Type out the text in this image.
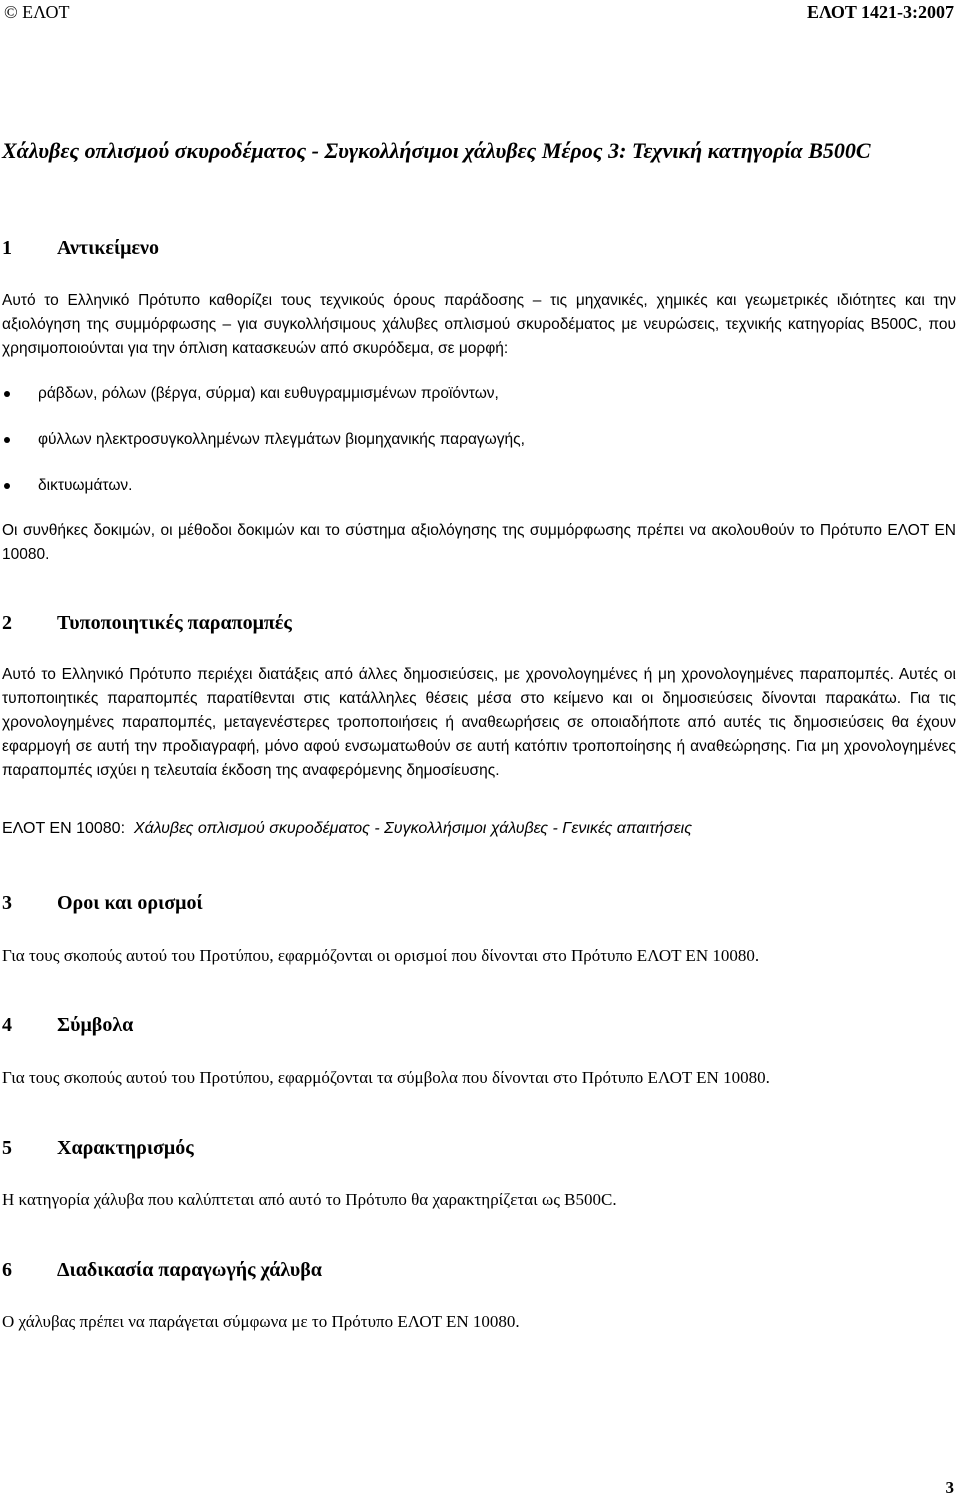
© ΕΛΟΤ	ΕΛΟΤ 1421-3:2007
Χάλυβες οπλισμού σκυροδέματος - Συγκολλήσιμοι χάλυβες Μέρος 3: Τεχνική κατηγορία B500C
1 Αντικείμενο
Αυτό το Ελληνικό Πρότυπο καθορίζει τους τεχνικούς όρους παράδοσης – τις μηχανικές, χημικές και γεωμετρικές ιδιότητες και την αξιολόγηση της συμμόρφωσης – για συγκολλήσιμους χάλυβες οπλισμού σκυροδέματος με νευρώσεις, τεχνικής κατηγορίας B500C, που χρησιμοποιούνται για την όπλιση κατασκευών από σκυρόδεμα, σε μορφή:
ράβδων, ρόλων (βέργα, σύρμα) και ευθυγραμμισμένων προϊόντων,
φύλλων ηλεκτροσυγκολλημένων πλεγμάτων βιομηχανικής παραγωγής,
δικτυωμάτων.
Οι συνθήκες δοκιμών, οι μέθοδοι δοκιμών και το σύστημα αξιολόγησης της συμμόρφωσης πρέπει να ακολουθούν το Πρότυπο ΕΛΟΤ EN 10080.
2 Τυποποιητικές παραπομπές
Αυτό το Ελληνικό Πρότυπο περιέχει διατάξεις από άλλες δημοσιεύσεις, με χρονολογημένες ή μη χρονολογημένες παραπομπές. Αυτές οι τυποποιητικές παραπομπές παρατίθενται στις κατάλληλες θέσεις μέσα στο κείμενο και οι δημοσιεύσεις δίνονται παρακάτω. Για τις χρονολογημένες παραπομπές, μεταγενέστερες τροποποιήσεις ή αναθεωρήσεις σε οποιαδήποτε από αυτές τις δημοσιεύσεις θα έχουν εφαρμογή σε αυτή την προδιαγραφή, μόνο αφού ενσωματωθούν σε αυτή κατόπιν τροποποίησης ή αναθεώρησης. Για μη χρονολογημένες παραπομπές ισχύει η τελευταία έκδοση της αναφερόμενης δημοσίευσης.
ΕΛΟΤ EN 10080: Χάλυβες οπλισμού σκυροδέματος - Συγκολλήσιμοι χάλυβες - Γενικές απαιτήσεις
3 Oροι και ορισμοί
Για τους σκοπούς αυτού του Προτύπου, εφαρμόζονται οι ορισμοί που δίνονται στο Πρότυπο ΕΛΟΤ EN 10080.
4 Σύμβολα
Για τους σκοπούς αυτού του Προτύπου, εφαρμόζονται τα σύμβολα που δίνονται στο Πρότυπο ΕΛΟΤ EN 10080.
5 Χαρακτηρισμός
Η κατηγορία χάλυβα που καλύπτεται από αυτό το Πρότυπο θα χαρακτηρίζεται ως B500C.
6 Διαδικασία παραγωγής χάλυβα
Ο χάλυβας πρέπει να παράγεται σύμφωνα με το Πρότυπο ΕΛΟΤ EN 10080.
3
